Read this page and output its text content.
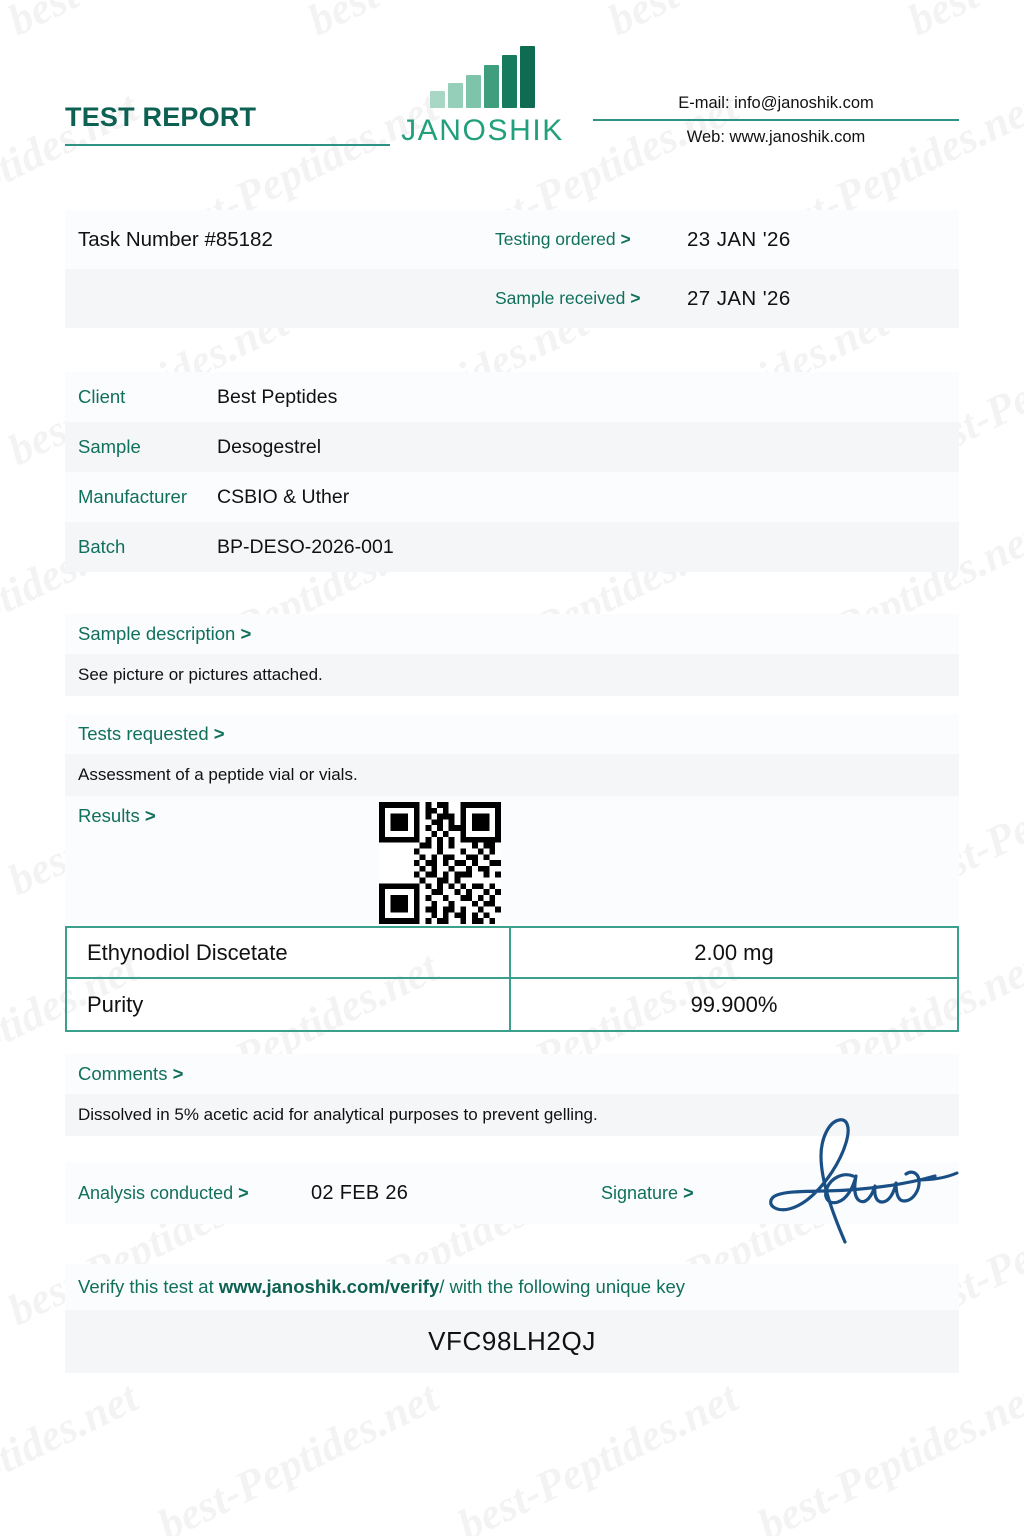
TEST REPORT	JANOSHIK
E-mail: info@janoshik.com
Web: www.janoshik.com
Task Number #85182	Testing ordered >	23 JAN '26
Sample received >	27 JAN '26
Client	Best Peptides
Sample	Desogestrel
Manufacturer	CSBIO & Uther
Batch	BP-DESO-2026-001
Sample description >
See picture or pictures attached.
Tests requested >
Assessment of a peptide vial or vials.
Results >
Ethynodiol Discetate	2.00 mg
Purity	99.900%
Comments >
Dissolved in 5% acetic acid for analytical purposes to prevent gelling.
Analysis conducted >	02 FEB 26	Signature >
Verify this test at www.janoshik.com/verify/ with the following unique key
VFC98LH2QJ
